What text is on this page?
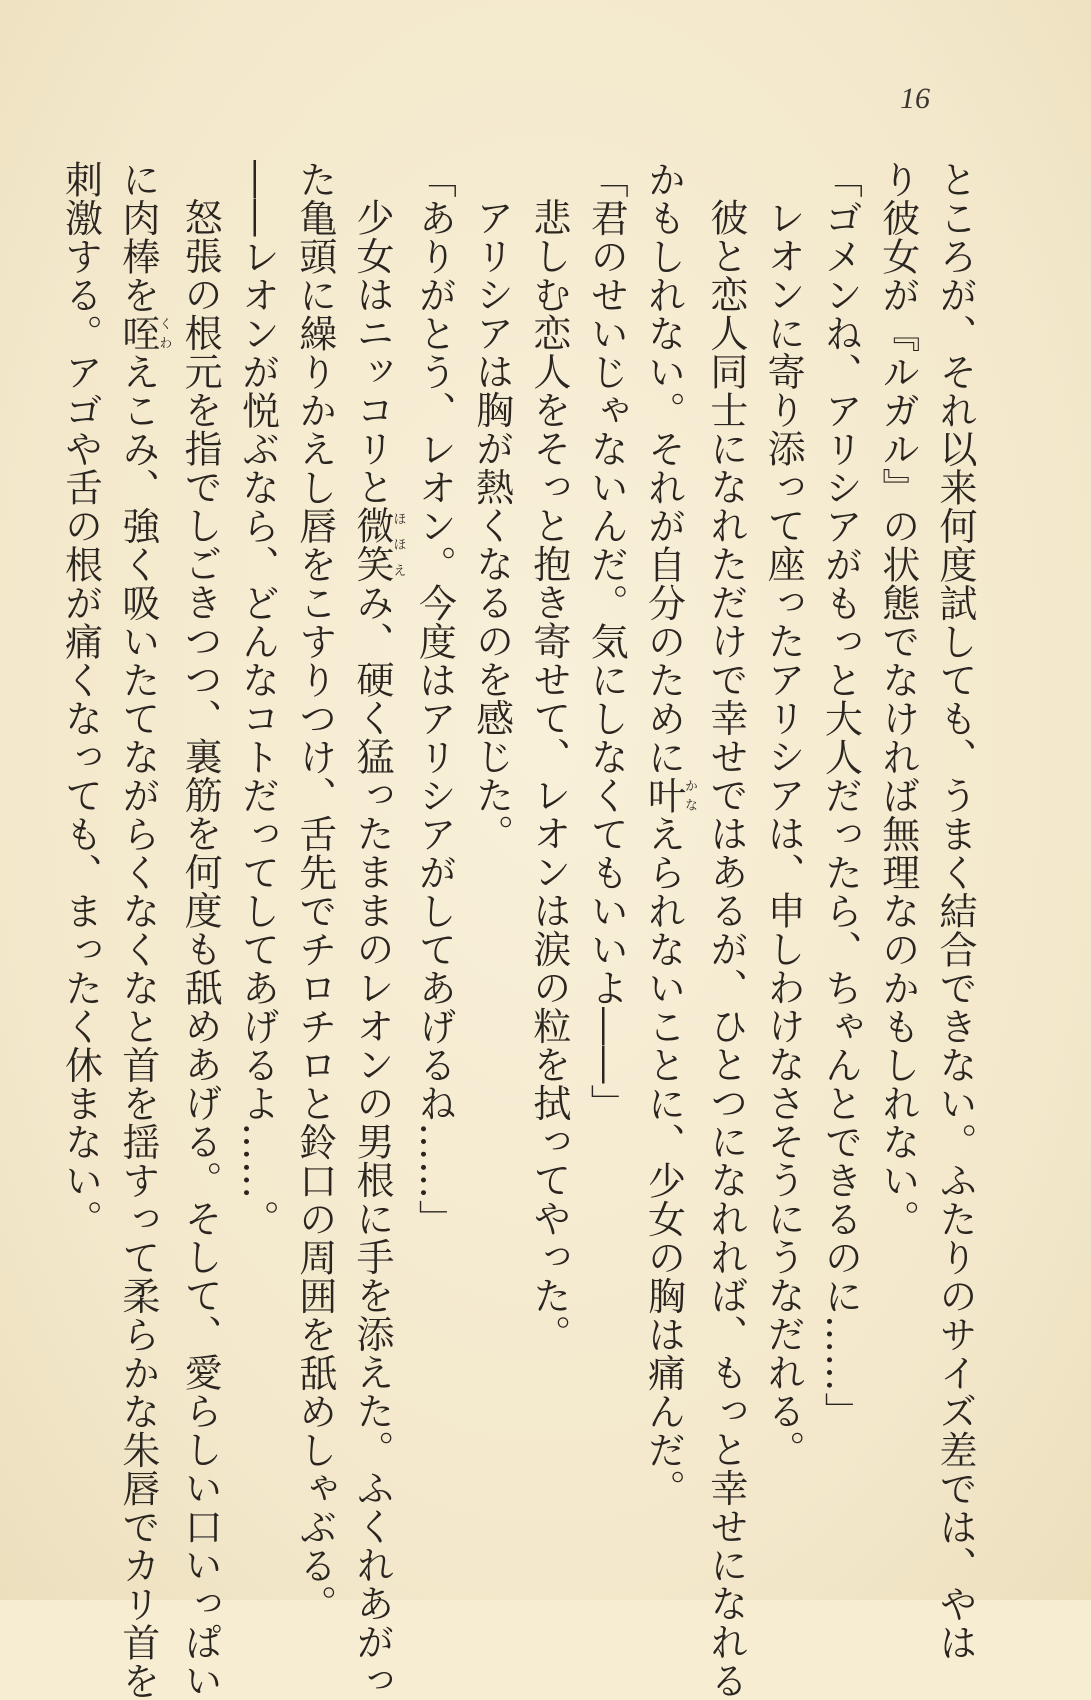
16
ところが、それ以来何度試しても、うまく結合できない。ふたりのサイズ差では、やは
り彼女が『ルガル』の状態でなければ無理なのかもしれない。
「ゴメンね、アリシアがもっと大人だったら、ちゃんとできるのに……」
レオンに寄り添って座ったアリシアは、申しわけなさそうにうなだれる。
彼と恋人同士になれただけで幸せではあるが、ひとつになれれば、もっと幸せになれる
かもしれない。それが自分のために叶かなえられないことに、少女の胸は痛んだ。
「君のせいじゃないんだ。気にしなくてもいいよ――」
悲しむ恋人をそっと抱き寄せて、レオンは涙の粒を拭ってやった。
アリシアは胸が熱くなるのを感じた。
「ありがとう、レオン。今度はアリシアがしてあげるね……」
少女はニッコリと微笑ほほえみ、硬く猛ったままのレオンの男根に手を添えた。ふくれあがっ
た亀頭に繰りかえし唇をこすりつけ、舌先でチロチロと鈴口の周囲を舐めしゃぶる。
――レオンが悦ぶなら、どんなコトだってしてあげるよ……。
怒張の根元を指でしごきつつ、裏筋を何度も舐めあげる。そして、愛らしい口いっぱい
に肉棒を咥くわえこみ、強く吸いたてながらくなくなと首を揺すって柔らかな朱唇でカリ首を
刺激する。アゴや舌の根が痛くなっても、まったく休まない。
